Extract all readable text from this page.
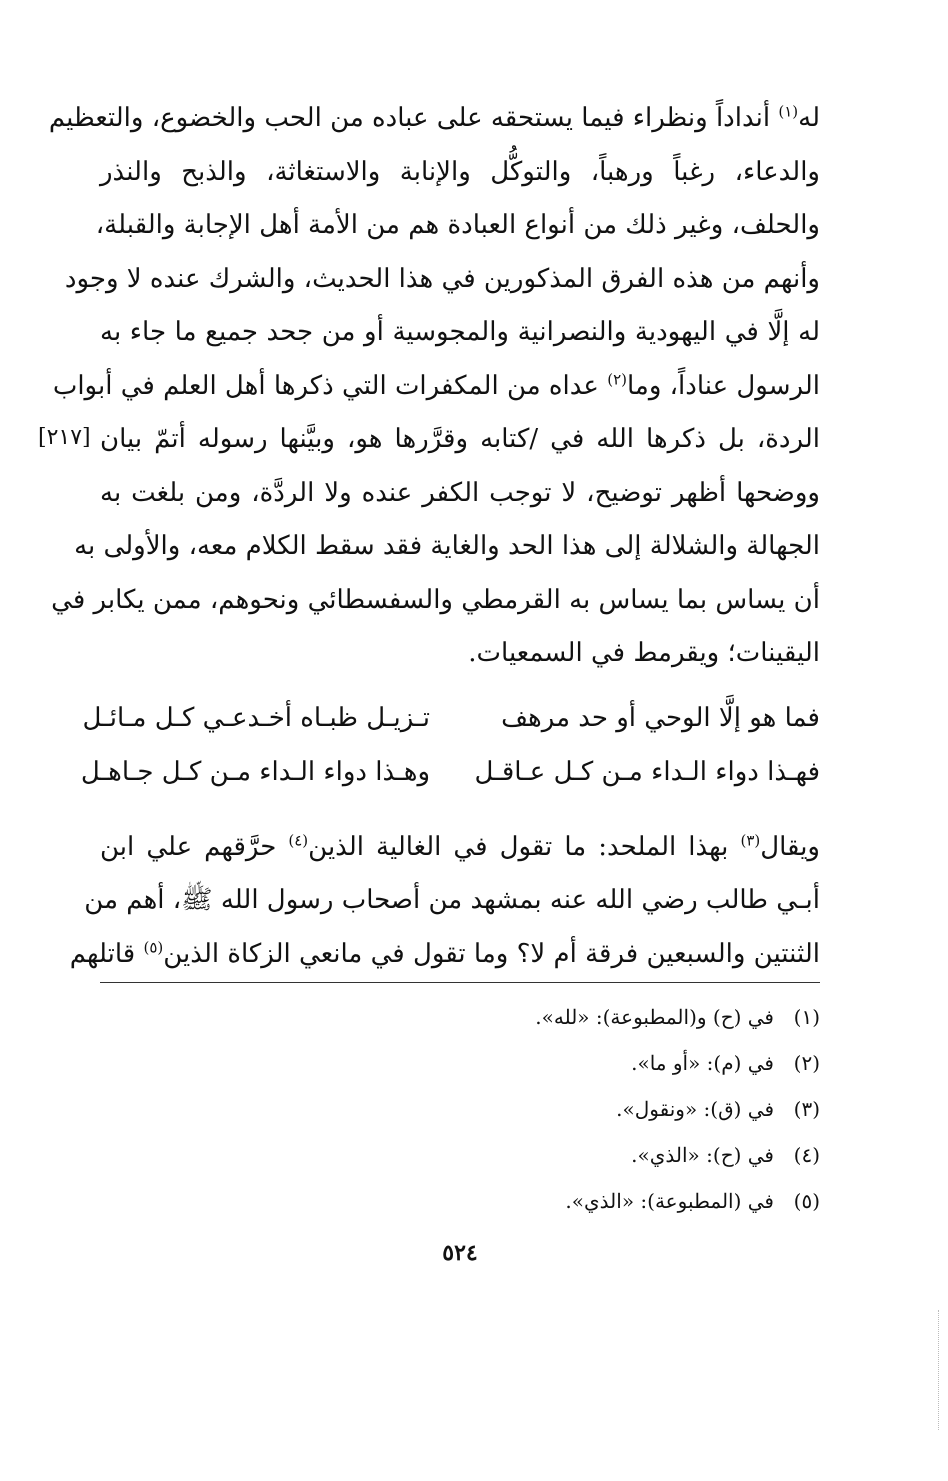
له$^{(١)}$ أنداداً ونظراء فيما يستحقه على عباده من الحب والخضوع، والتعظيم
والدعاء، رغباً ورهباً، والتوكُّل والإنابة والاستغاثة، والذبح والنذر
والحلف، وغير ذلك من أنواع العبادة هم من الأمة أهل الإجابة والقبلة،
وأنهم من هذه الفرق المذكورين في هذا الحديث، والشرك عنده لا وجود
له إلَّا في اليهودية والنصرانية والمجوسية أو من جحد جميع ما جاء به
الرسول عناداً، وما$^{(٢)}$ عداه من المكفرات التي ذكرها أهل العلم في أبواب
[٢١٧] الردة، بل ذكرها الله في /كتابه وقرَّرها هو، وبيَّنها رسوله أتمّ بيان
ووضحها أظهر توضيح، لا توجب الكفر عنده ولا الردَّة، ومن بلغت به
الجهالة والشلالة إلى هذا الحد والغاية فقد سقط الكلام معه، والأولى به
أن يساس بما يساس به القرمطي والسفسطائي ونحوهم، ممن يكابر في
اليقينات؛ ويقرمط في السمعيات.
فما هو إلَّا الوحي أو حد مرهف
تـزيـل ظبـاه أخـدعـي كـل مـائـل
فهـذا دواء الـداء مـن كـل عـاقـل
وهـذا دواء الـداء مـن كـل جـاهـل
ويقال$^{(٣)}$ بهذا الملحد: ما تقول في الغالية الذين$^{(٤)}$ حرَّقهم علي ابن
أبـي طالب رضي الله عنه بمشهد من أصحاب رسول الله ﷺ، أهم من
الثنتين والسبعين فرقة أم لا؟ وما تقول في مانعي الزكاة الذين$^{(٥)}$ قاتلهم
(١)
في (ح) و(المطبوعة): «لله».
(٢)
في (م): «أو ما».
(٣)
في (ق): «ونقول».
(٤)
في (ح): «الذي».
(٥)
في (المطبوعة): «الذي».
٥٢٤
